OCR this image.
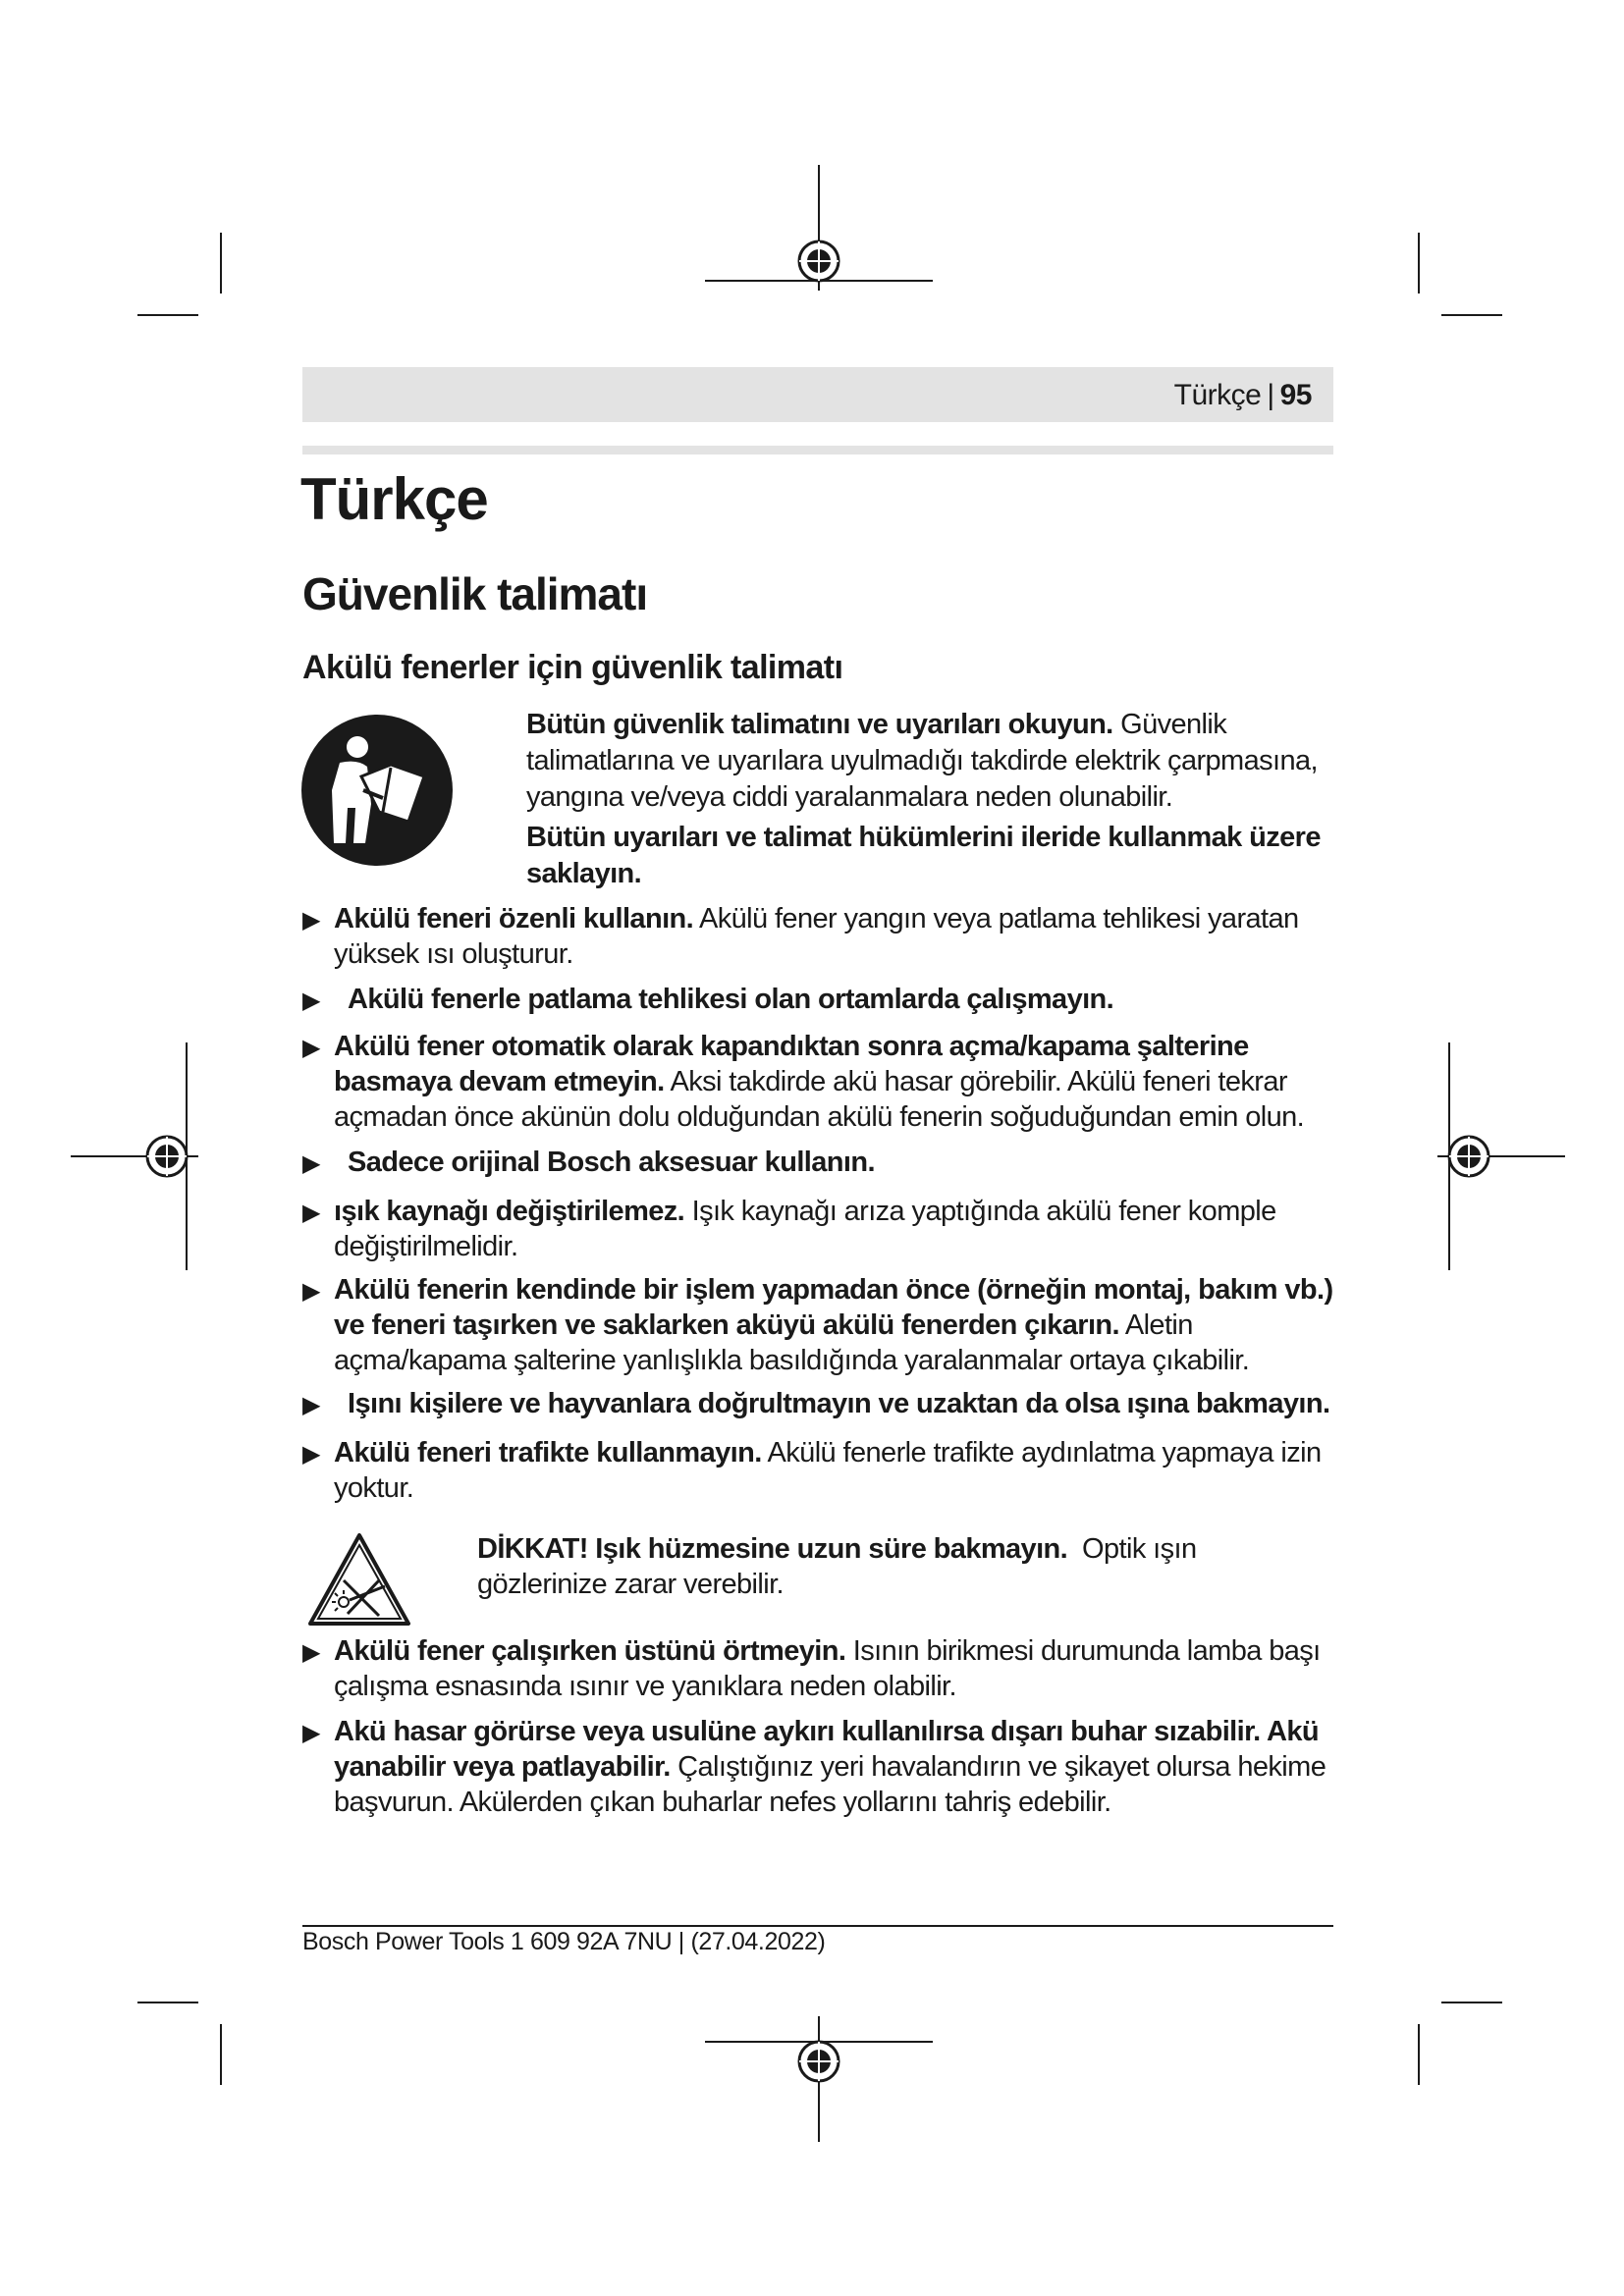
Türkçe | 95
Türkçe
Güvenlik talimatı
Akülü fenerler için güvenlik talimatı

Bütün güvenlik talimatını ve uyarıları okuyun. Güvenlik talimatlarına ve uyarılara uyulmadığı takdirde elektrik çarpmasına, yangına ve/veya ciddi yaralanmalara neden olunabilir.

Bütün uyarıları ve talimat hükümlerini ileride kullanmak üzere saklayın.

▶ Akülü feneri özenli kullanın. Akülü fener yangın veya patlama tehlikesi yaratan yüksek ısı oluşturur.
▶ Akülü fenerle patlama tehlikesi olan ortamlarda çalışmayın.
▶ Akülü fener otomatik olarak kapandıktan sonra açma/kapama şalterine basmaya devam etmeyin. Aksi takdirde akü hasar görebilir. Akülü feneri tekrar açmadan önce akünün dolu olduğundan akülü fenerin soğuduğundan emin olun.
▶ Sadece orijinal Bosch aksesuar kullanın.
▶ ışık kaynağı değiştirilemez. Işık kaynağı arıza yaptığında akülü fener komple değiştirilmelidir.
▶ Akülü fenerin kendinde bir işlem yapmadan önce (örneğin montaj, bakım vb.) ve feneri taşırken ve saklarken aküyü akülü fenerden çıkarın. Aletin açma/kapama şalterine yanlışlıkla basıldığında yaralanmalar ortaya çıkabilir.
▶ Işını kişilere ve hayvanlara doğrultmayın ve uzaktan da olsa ışına bakmayın.
▶ Akülü feneri trafikte kullanmayın. Akülü fenerle trafikte aydınlatma yapmaya izin yoktur.
DİKKAT! Işık hüzmesine uzun süre bakmayın.  Optik ışın gözlerinize zarar verebilir.
▶ Akülü fener çalışırken üstünü örtmeyin. Isının birikmesi durumunda lamba başı çalışma esnasında ısınır ve yanıklara neden olabilir.
▶ Akü hasar görürse veya usulüne aykırı kullanılırsa dışarı buhar sızabilir. Akü yanabilir veya patlayabilir. Çalıştığınız yeri havalandırın ve şikayet olursa hekime başvurun. Akülerden çıkan buharlar nefes yollarını tahriş edebilir.
Bosch Power Tools 1 609 92A 7NU | (27.04.2022)
